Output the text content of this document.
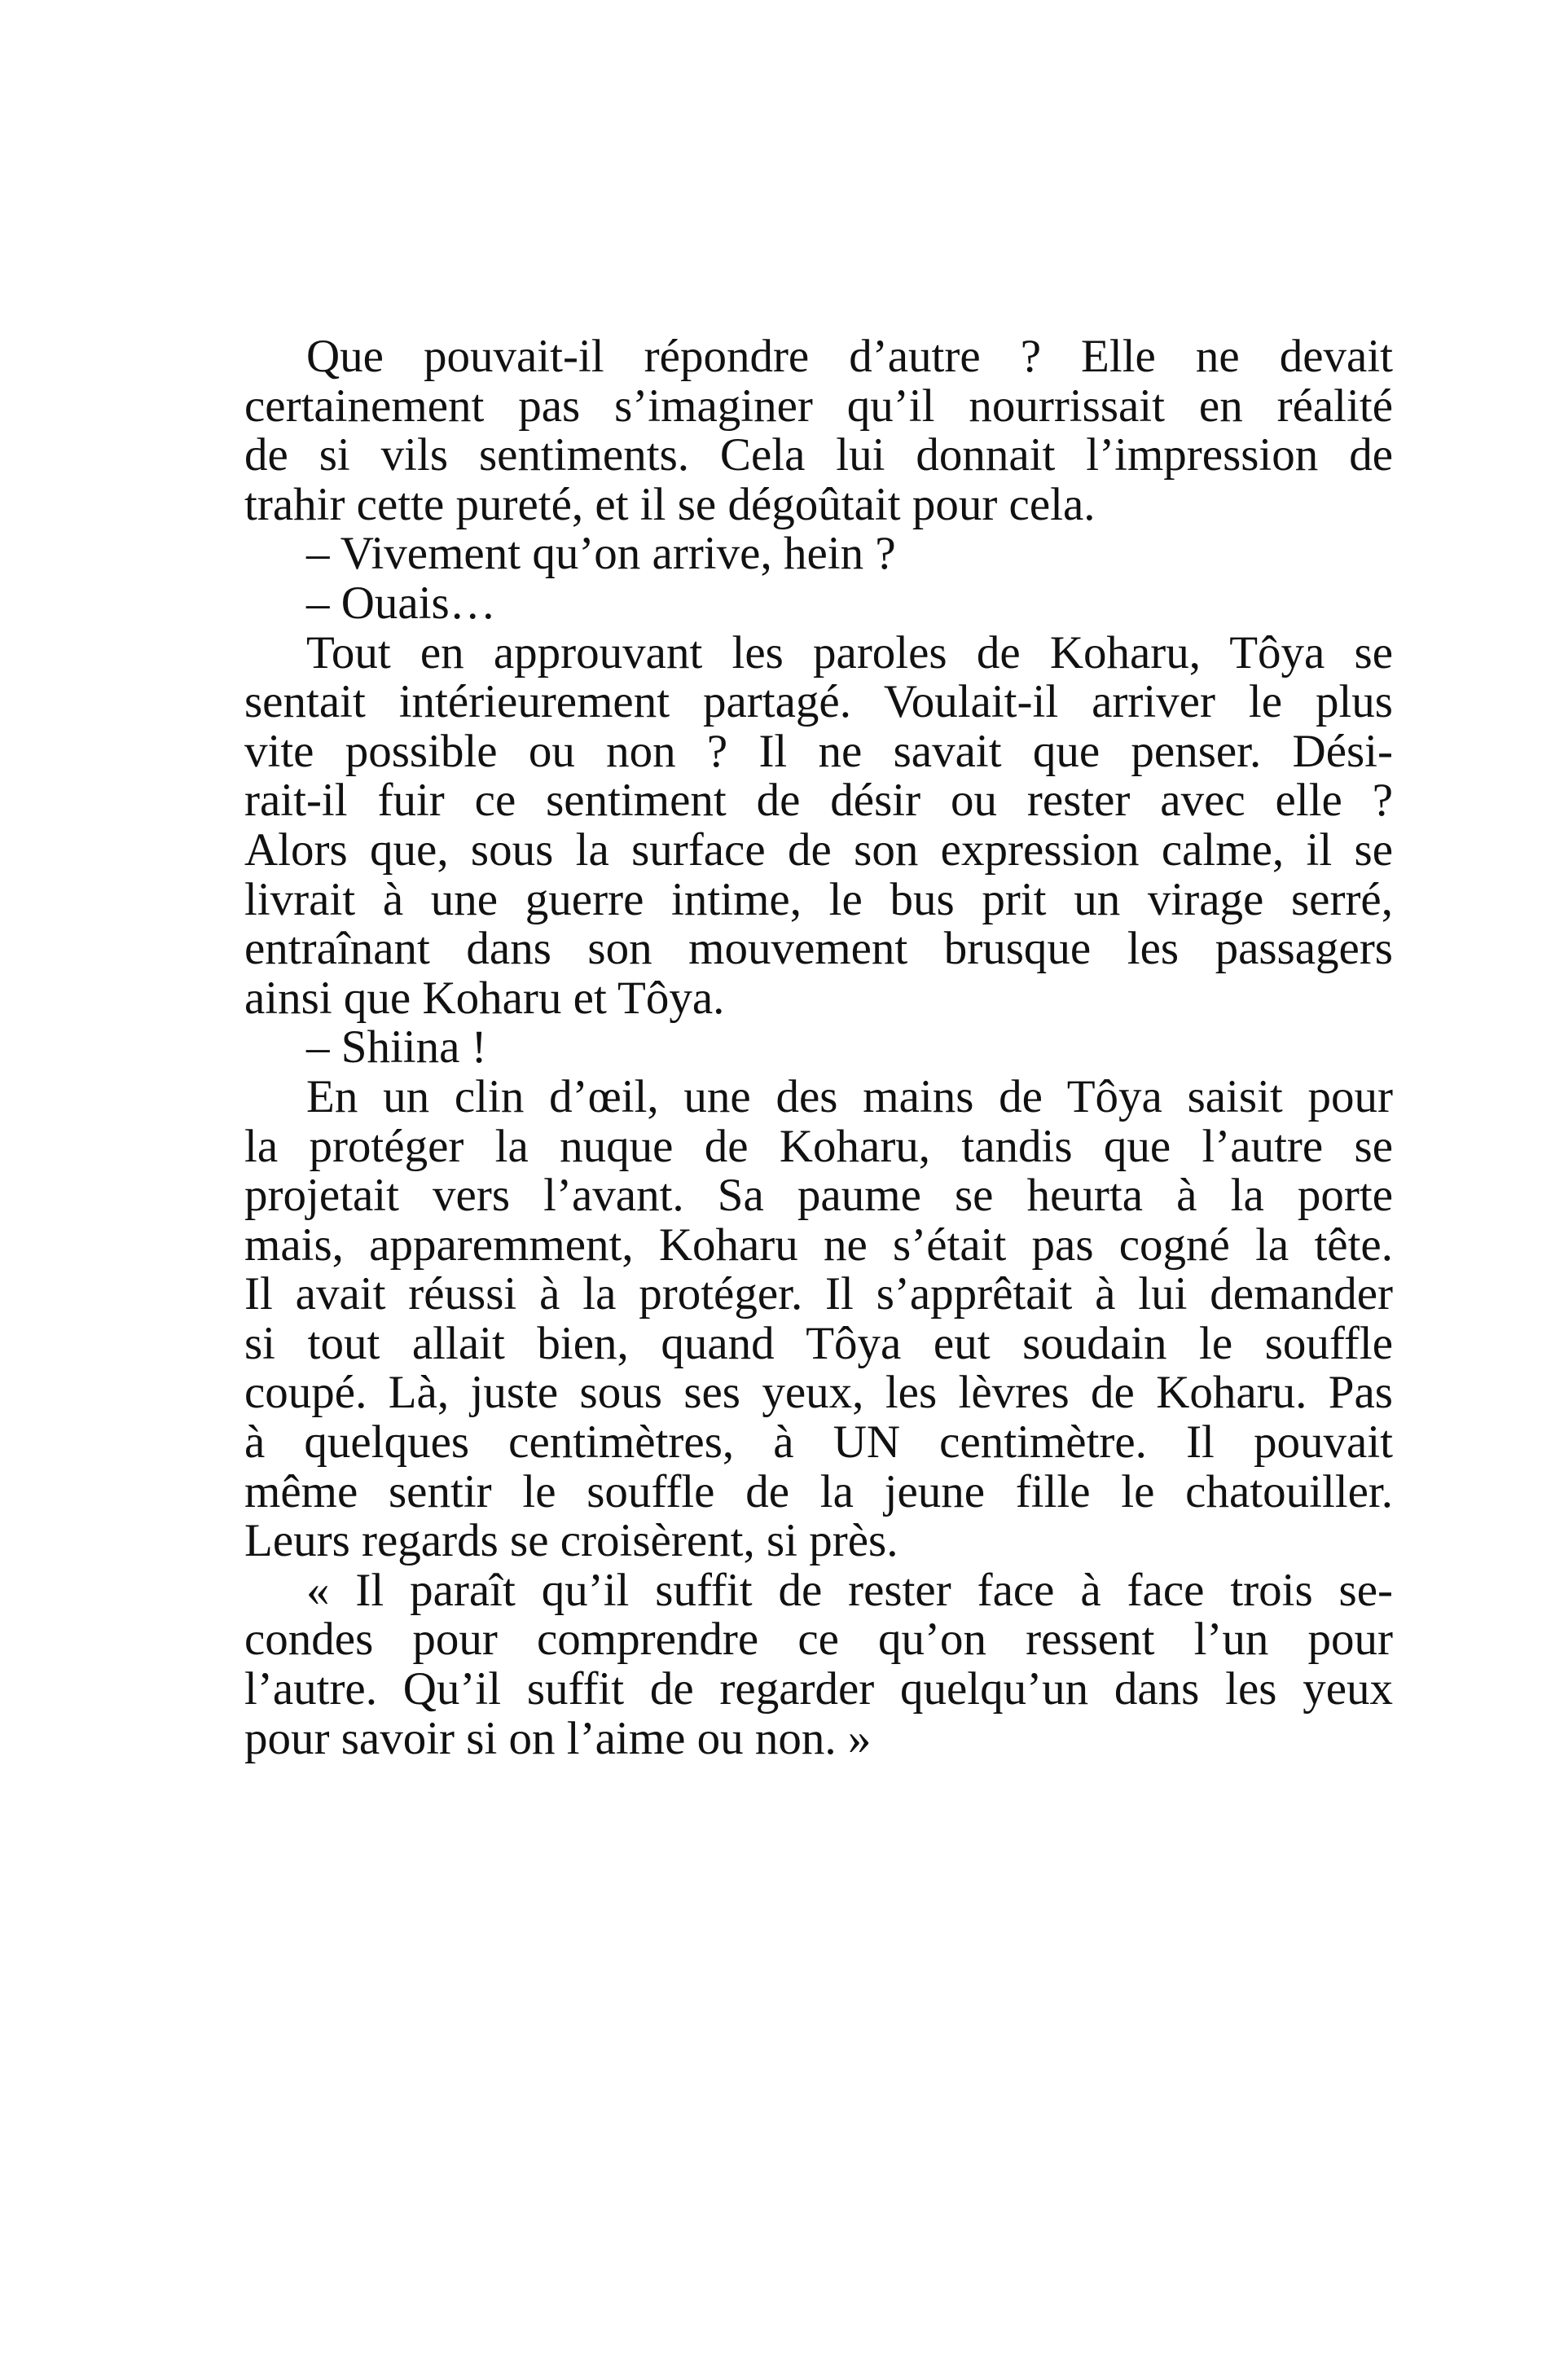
Que pouvait-il répondre d’autre ? Elle ne devait
certainement pas s’imaginer qu’il nourrissait en réalité
de si vils sentiments. Cela lui donnait l’impression de
trahir cette pureté, et il se dégoûtait pour cela.
– Vivement qu’on arrive, hein ?
– Ouais…
Tout en approuvant les paroles de Koharu, Tôya se
sentait intérieurement partagé. Voulait-il arriver le plus
vite possible ou non ? Il ne savait que penser. Dési-
rait-il fuir ce sentiment de désir ou rester avec elle ?
Alors que, sous la surface de son expression calme, il se
livrait à une guerre intime, le bus prit un virage serré,
entraînant dans son mouvement brusque les passagers
ainsi que Koharu et Tôya.
– Shiina !
En un clin d’œil, une des mains de Tôya saisit pour
la protéger la nuque de Koharu, tandis que l’autre se
projetait vers l’avant. Sa paume se heurta à la porte
mais, apparemment, Koharu ne s’était pas cogné la tête.
Il avait réussi à la protéger. Il s’apprêtait à lui demander
si tout allait bien, quand Tôya eut soudain le souffle
coupé. Là, juste sous ses yeux, les lèvres de Koharu. Pas
à quelques centimètres, à UN centimètre. Il pouvait
même sentir le souffle de la jeune fille le chatouiller.
Leurs regards se croisèrent, si près.
« Il paraît qu’il suffit de rester face à face trois se-
condes pour comprendre ce qu’on ressent l’un pour
l’autre. Qu’il suffit de regarder quelqu’un dans les yeux
pour savoir si on l’aime ou non. »
